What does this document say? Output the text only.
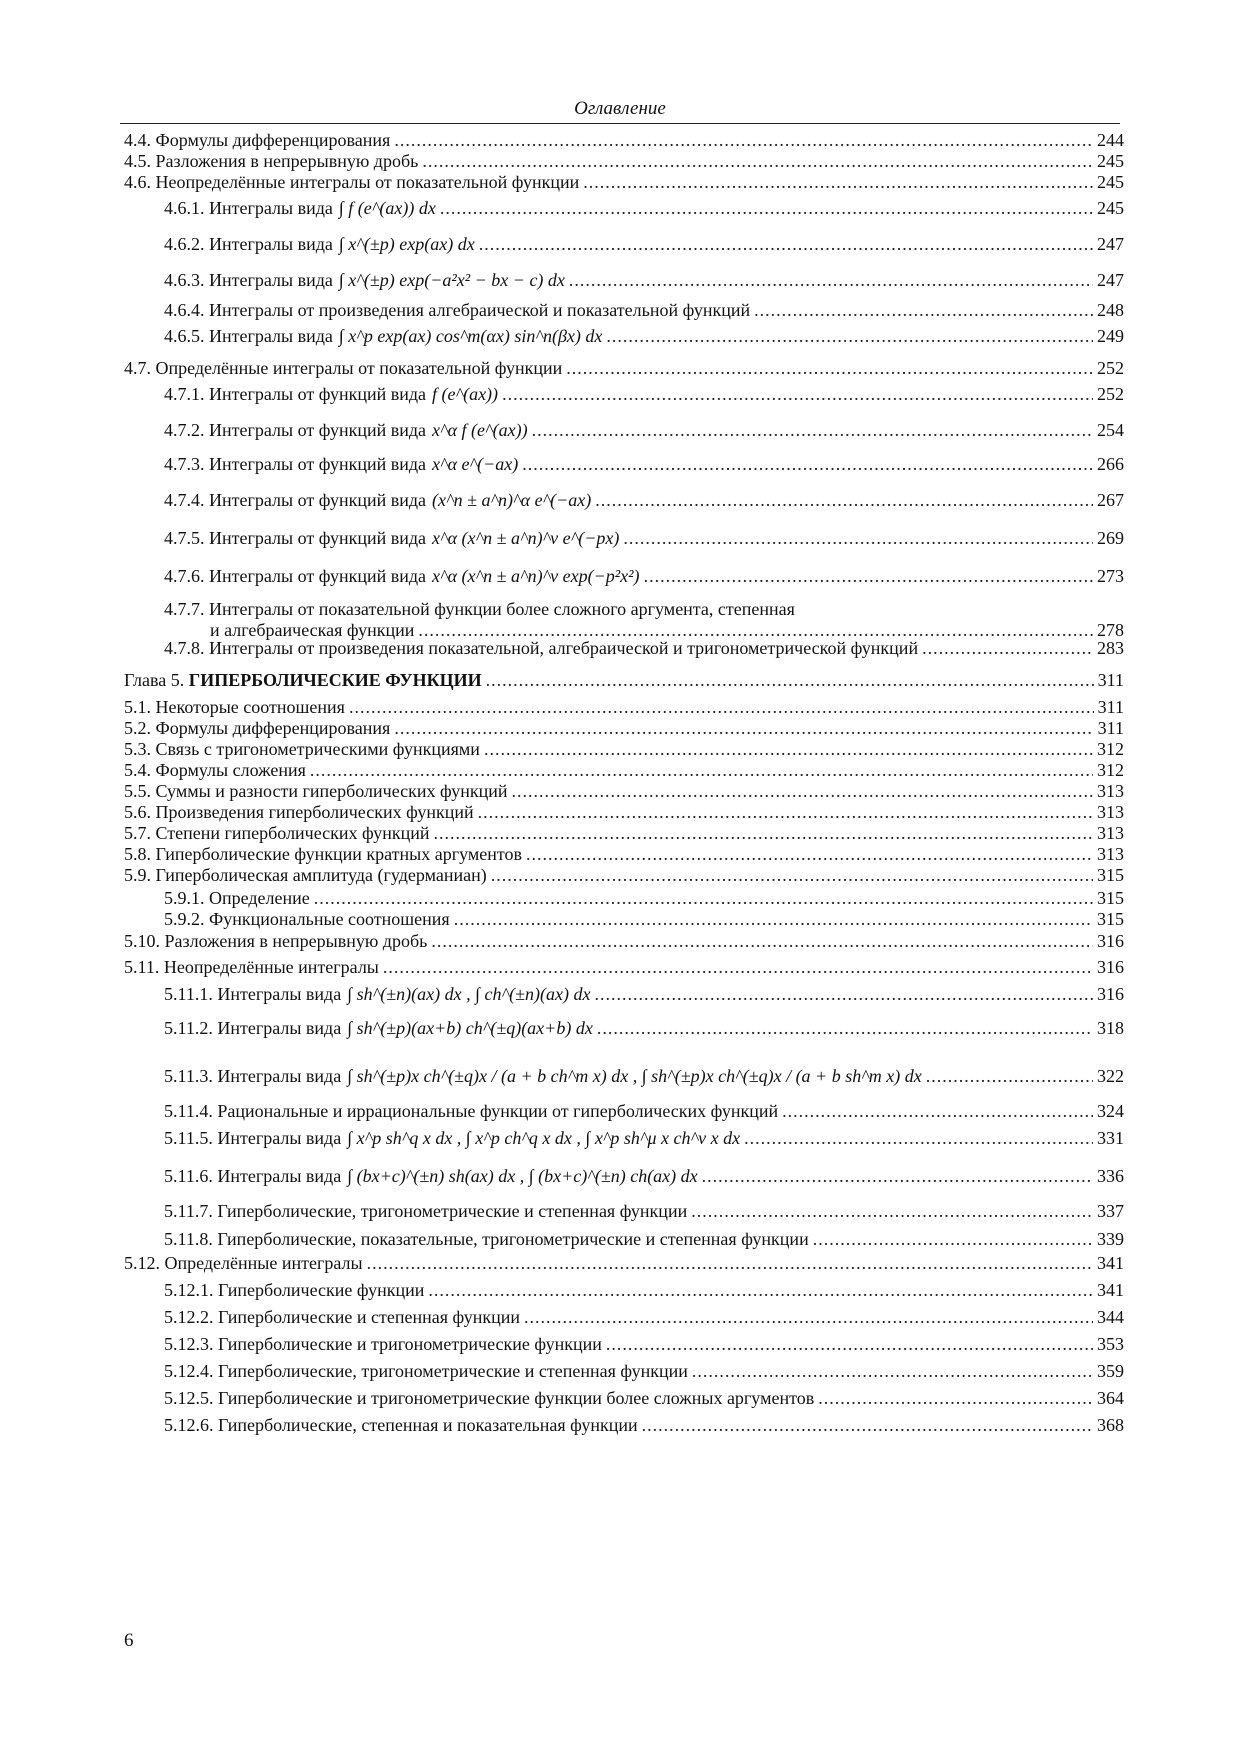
Оглавление
4.4. Формулы дифференцирования .....	244
4.5. Разложения в непрерывную дробь .....	245
4.6. Неопределённые интегралы от показательной функции .....	245
4.6.1. Интегралы вида ∫ f (e^(ax)) dx .....	245
4.6.2. Интегралы вида ∫ x^(±p) exp(ax) dx .....	247
4.6.3. Интегралы вида ∫ x^(±p) exp(−a²x² − bx − c) dx .....	247
4.6.4. Интегралы от произведения алгебраической и показательной функций .....	248
4.6.5. Интегралы вида ∫ x^p exp(ax) cos^m(αx) sin^n(βx) dx .....	249
4.7. Определённые интегралы от показательной функции .....	252
4.7.1. Интегралы от функций вида f (e^(ax)) .....	252
4.7.2. Интегралы от функций вида x^α f (e^(ax)) .....	254
4.7.3. Интегралы от функций вида x^α e^(−ax) .....	266
4.7.4. Интегралы от функций вида (x^n ± a^n)^α e^(−ax) .....	267
4.7.5. Интегралы от функций вида x^α (x^n ± a^n)^ν e^(−px) .....	269
4.7.6. Интегралы от функций вида x^α (x^n ± a^n)^ν exp(−p²x²) .....	273
4.7.7. Интегралы от показательной функции более сложного аргумента, степенная
и алгебраическая функции .....	278
4.7.8. Интегралы от произведения показательной, алгебраической и тригонометрической функций .....	283
Глава 5. ГИПЕРБОЛИЧЕСКИЕ ФУНКЦИИ .....	311
5.1. Некоторые соотношения .....	311
5.2. Формулы дифференцирования .....	311
5.3. Связь с тригонометрическими функциями .....	312
5.4. Формулы сложения .....	312
5.5. Суммы и разности гиперболических функций .....	313
5.6. Произведения гиперболических функций .....	313
5.7. Степени гиперболических функций .....	313
5.8. Гиперболические функции кратных аргументов .....	313
5.9. Гиперболическая амплитуда (гудерманиан) .....	315
5.9.1. Определение .....	315
5.9.2. Функциональные соотношения .....	315
5.10. Разложения в непрерывную дробь .....	316
5.11. Неопределённые интегралы .....	316
5.11.1. Интегралы вида ∫ sh^(±n)(ax) dx , ∫ ch^(±n)(ax) dx .....	316
5.11.2. Интегралы вида ∫ sh^(±p)(ax+b) ch^(±q)(ax+b) dx .....	318
5.11.3. Интегралы вида ∫ sh^(±p)x ch^(±q)x / (a + b ch^m x) dx , ∫ sh^(±p)x ch^(±q)x / (a + b sh^m x) dx .....	322
5.11.4. Рациональные и иррациональные функции от гиперболических функций .....	324
5.11.5. Интегралы вида ∫ x^p sh^q x dx , ∫ x^p ch^q x dx , ∫ x^p sh^μ x ch^ν x dx .....	331
5.11.6. Интегралы вида ∫ (bx+c)^(±n) sh(ax) dx , ∫ (bx+c)^(±n) ch(ax) dx .....	336
5.11.7. Гиперболические, тригонометрические и степенная функции .....	337
5.11.8. Гиперболические, показательные, тригонометрические и степенная функции .....	339
5.12. Определённые интегралы .....	341
5.12.1. Гиперболические функции .....	341
5.12.2. Гиперболические и степенная функции .....	344
5.12.3. Гиперболические и тригонометрические функции .....	353
5.12.4. Гиперболические, тригонометрические и степенная функции .....	359
5.12.5. Гиперболические и тригонометрические функции более сложных аргументов .....	364
5.12.6. Гиперболические, степенная и показательная функции .....	368
6
